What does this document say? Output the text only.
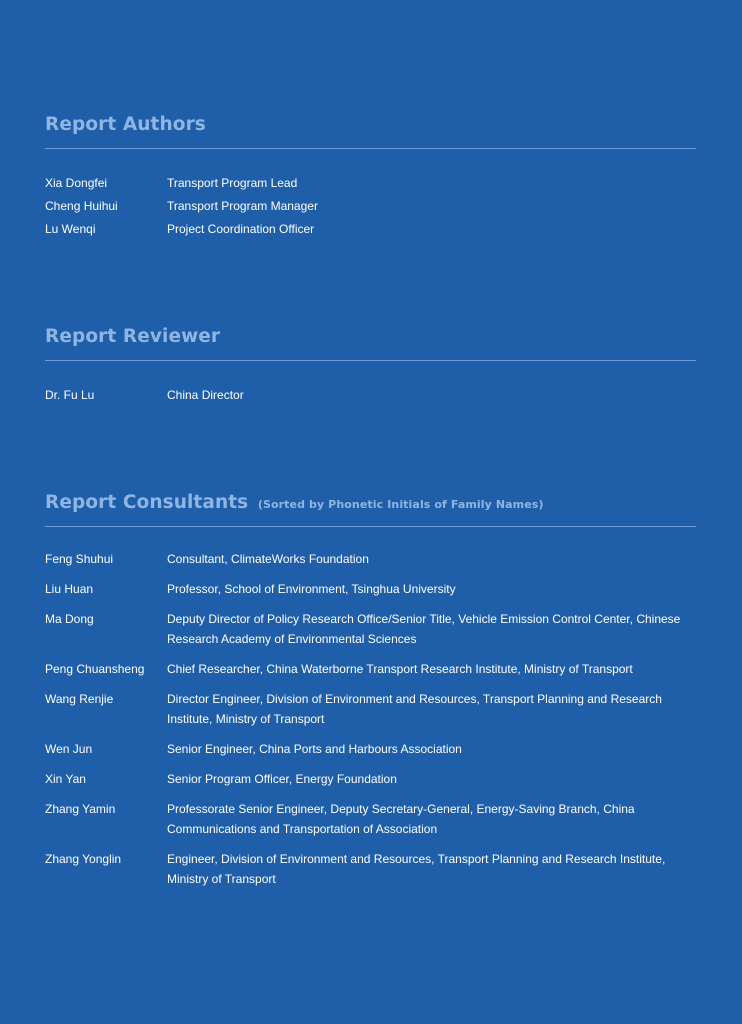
Report Authors
Xia Dongfei	Transport Program Lead
Cheng Huihui	Transport Program Manager
Lu Wenqi	Project Coordination Officer
Report Reviewer
Dr. Fu Lu	China Director
Report Consultants (Sorted by Phonetic Initials of Family Names)
Feng Shuhui	Consultant, ClimateWorks Foundation
Liu Huan	Professor, School of Environment, Tsinghua University
Ma Dong	Deputy Director of Policy Research Office/Senior Title, Vehicle Emission Control Center, Chinese Research Academy of Environmental Sciences
Peng Chuansheng	Chief Researcher, China Waterborne Transport Research Institute, Ministry of Transport
Wang Renjie	Director Engineer, Division of Environment and Resources, Transport Planning and Research Institute, Ministry of Transport
Wen Jun	Senior Engineer, China Ports and Harbours Association
Xin Yan	Senior Program Officer, Energy Foundation
Zhang Yamin	Professorate Senior Engineer, Deputy Secretary-General, Energy-Saving Branch, China Communications and Transportation of Association
Zhang Yonglin	Engineer, Division of Environment and Resources, Transport Planning and Research Institute, Ministry of Transport
